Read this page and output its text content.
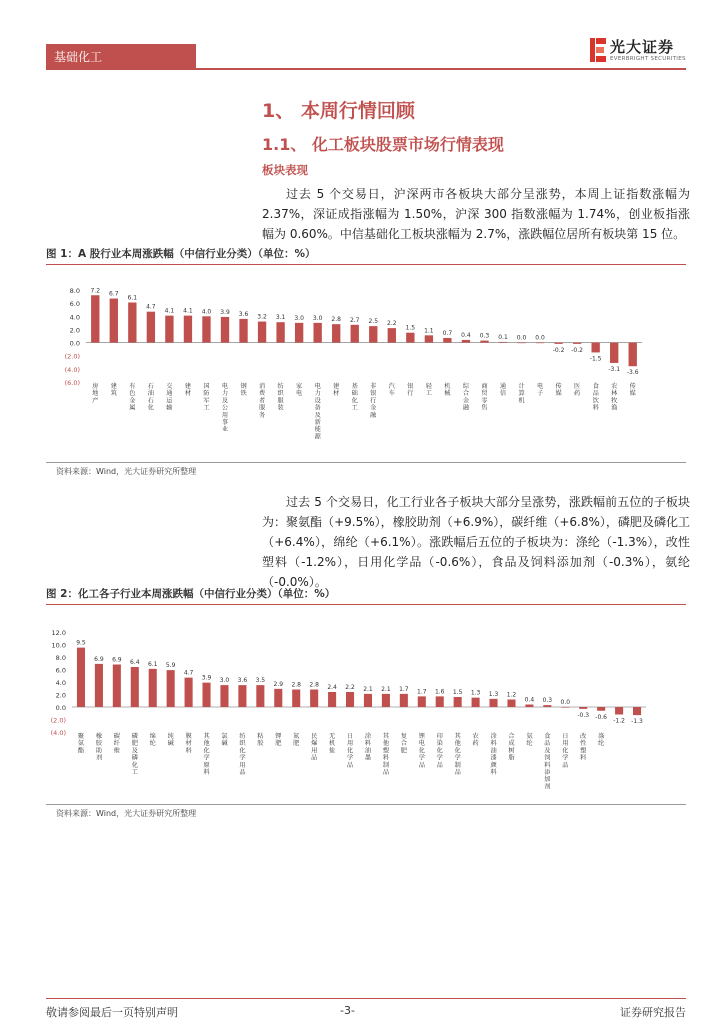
基础化工
光大证券
EVERBRIGHT SECURITIES
1、 本周行情回顾
1.1、 化工板块股票市场行情表现
板块表现

过去 5 个交易日，沪深两市各板块大部分呈涨势，本周上证指数涨幅为 2.37%，深证成指涨幅为 1.50%，沪深 300 指数涨幅为 1.74%，创业板指涨幅为 0.60%。中信基础化工板块涨幅为 2.7%，涨跌幅位居所有板块第 15 位。

图 1：A 股行业本周涨跌幅（中信行业分类）（单位：%）
8.0
6.0
4.0
2.0
0.0
(2.0)
(4.0)
(6.0)
7.2
房地产
6.7
建筑
6.1
有色金属
4.7
石油石化
4.1
交通运输
4.1
建材
4.0
国防军工
3.9
电力及公用事业
3.6
钢铁
3.2
消费者服务
3.1
纺织服装
3.0
家电
3.0
电力设备及新能源
2.8
建材
2.7
基础化工
2.5
非银行金融
2.2
汽车
1.5
银行
1.1
轻工
0.7
机械
0.4
综合金融
0.3
商贸零售
0.1
通信
0.0
计算机
0.0
电子
-0.2
传媒
-0.2
医药
-1.5
食品饮料
-3.1
农林牧渔
-3.6
传媒
资料来源：Wind，光大证券研究所整理

过去 5 个交易日，化工行业各子板块大部分呈涨势，涨跌幅前五位的子板块为：聚氨酯（+9.5%），橡胶助剂（+6.9%），碳纤维（+6.8%），磷肥及磷化工（+6.4%），绵纶（+6.1%）。涨跌幅后五位的子板块为：涤纶（-1.3%），改性塑料（-1.2%），日用化学品（-0.6%），食品及饲料添加剂（-0.3%），氨纶（-0.0%）。

图 2：化工各子行业本周涨跌幅（中信行业分类）（单位：%）
12.0
10.0
8.0
6.0
4.0
2.0
0.0
(2.0)
(4.0)
9.5
聚氨酯
6.9
橡胶助剂
6.9
碳纤维
6.4
磷肥及磷化工
6.1
绵纶
5.9
纯碱
4.7
膜材料
3.9
其他化学原料
3.0
氯碱
3.6
纺织化学用品
3.5
粘胶
2.9
钾肥
2.8
氮肥
2.8
民爆用品
2.4
无机盐
2.2
日用化学品
2.1
涂料油墨
2.1
其他塑料制品
1.7
复合肥
1.7
锂电化学品
1.6
印染化学品
1.5
其他化学制品
1.3
农药
1.3
涂料油漆颜料
1.2
合成树脂
0.4
氨纶
0.3
食品及饲料添加剂
0.0
日用化学品
-0.3
改性塑料
-0.6
涤纶
-1.2 -1.3
资料来源：Wind，光大证券研究所整理
敬请参阅最后一页特别声明	-3-	证券研究报告
